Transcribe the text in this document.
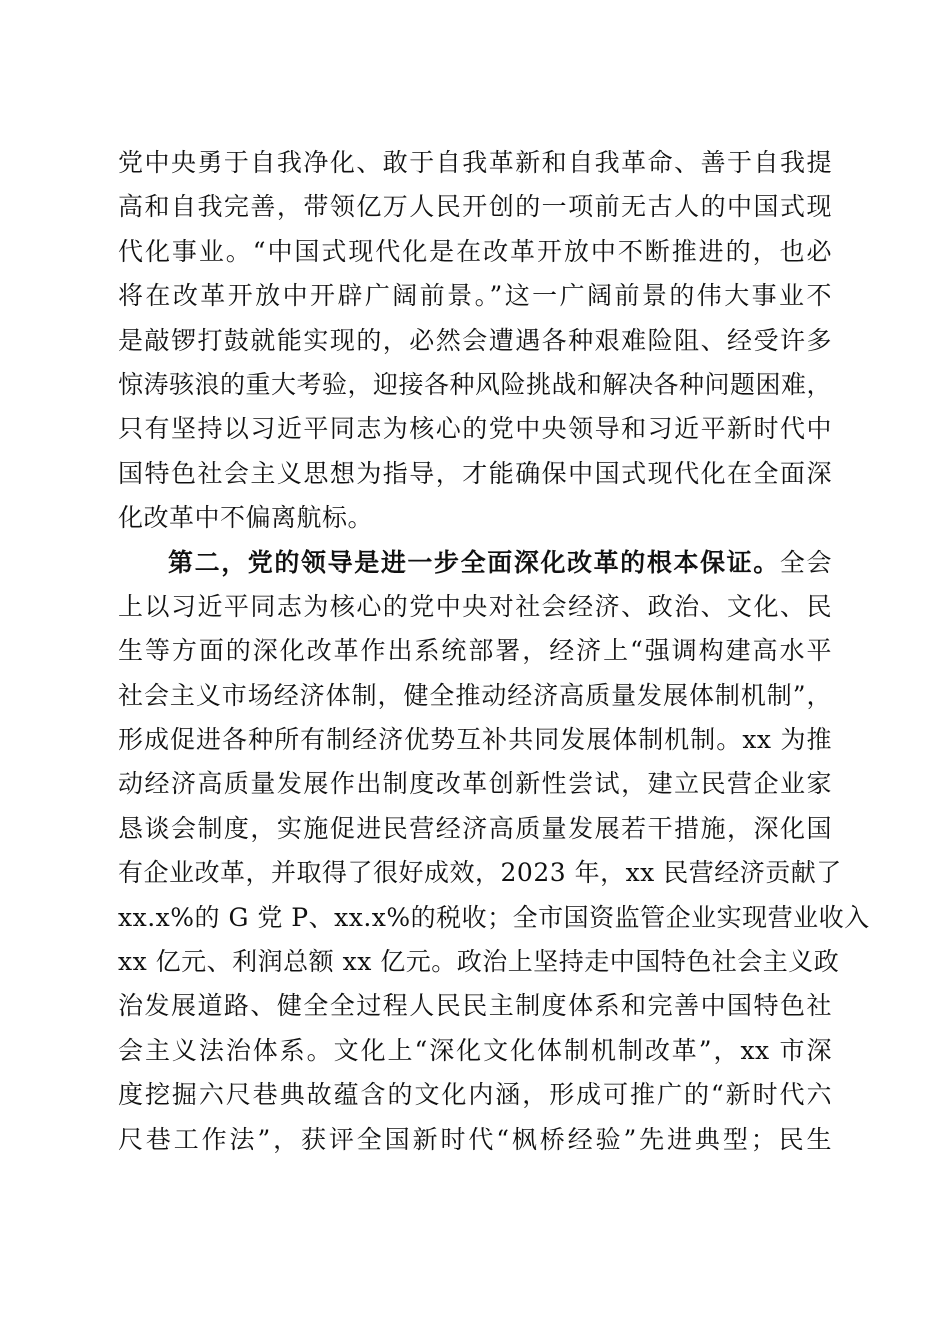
党中央勇于自我净化、敢于自我革新和自我革命、善于自我提
高和自我完善，带领亿万人民开创的一项前无古人的中国式现
代化事业。“中国式现代化是在改革开放中不断推进的，也必
将在改革开放中开辟广阔前景。”这一广阔前景的伟大事业不
是敲锣打鼓就能实现的，必然会遭遇各种艰难险阻、经受许多
惊涛骇浪的重大考验，迎接各种风险挑战和解决各种问题困难，
只有坚持以习近平同志为核心的党中央领导和习近平新时代中
国特色社会主义思想为指导，才能确保中国式现代化在全面深
化改革中不偏离航标。
第二，党的领导是进一步全面深化改革的根本保证。全会
上以习近平同志为核心的党中央对社会经济、政治、文化、民
生等方面的深化改革作出系统部署，经济上“强调构建高水平
社会主义市场经济体制，健全推动经济高质量发展体制机制”，
形成促进各种所有制经济优势互补共同发展体制机制。xx 为推
动经济高质量发展作出制度改革创新性尝试，建立民营企业家
恳谈会制度，实施促进民营经济高质量发展若干措施，深化国
有企业改革，并取得了很好成效，2023 年，xx 民营经济贡献了
xx.x%的 G 党 P、xx.x%的税收；全市国资监管企业实现营业收入
xx 亿元、利润总额 xx 亿元。政治上坚持走中国特色社会主义政
治发展道路、健全全过程人民民主制度体系和完善中国特色社
会主义法治体系。文化上“深化文化体制机制改革”，xx 市深
度挖掘六尺巷典故蕴含的文化内涵，形成可推广的“新时代六
尺巷工作法”，获评全国新时代“枫桥经验”先进典型；民生
